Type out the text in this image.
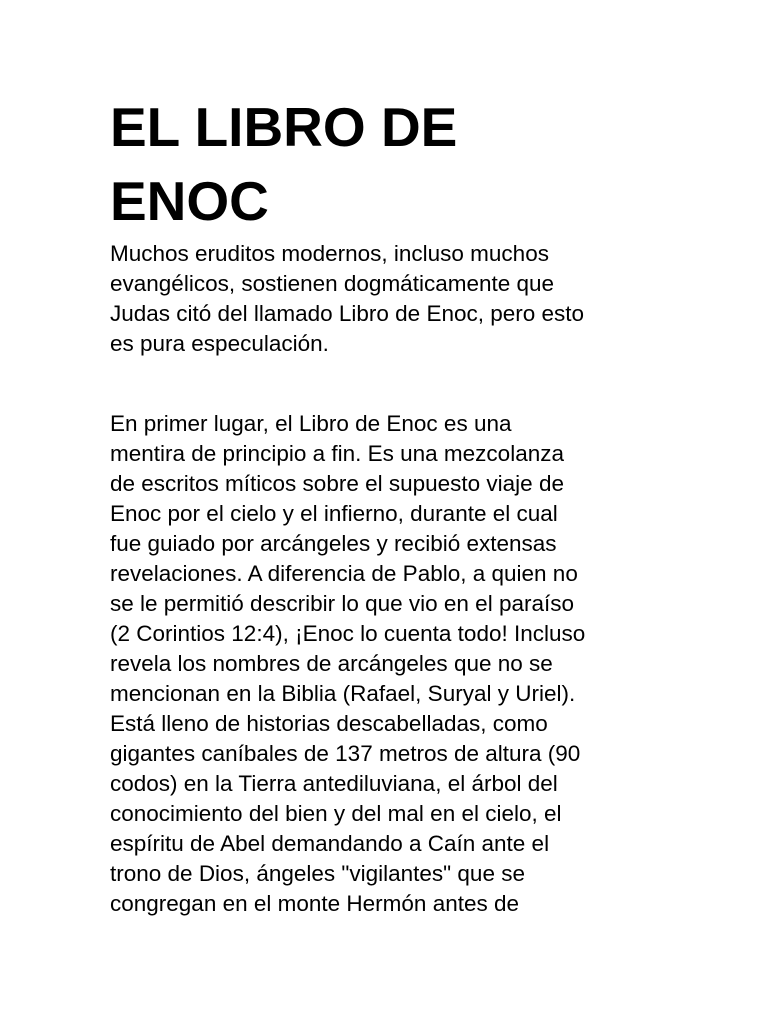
EL LIBRO DE
ENOC

Muchos eruditos modernos, incluso muchos
evangélicos, sostienen dogmáticamente que
Judas citó del llamado Libro de Enoc, pero esto
es pura especulación.

En primer lugar, el Libro de Enoc es una
mentira de principio a fin. Es una mezcolanza
de escritos míticos sobre el supuesto viaje de
Enoc por el cielo y el infierno, durante el cual
fue guiado por arcángeles y recibió extensas
revelaciones. A diferencia de Pablo, a quien no
se le permitió describir lo que vio en el paraíso
(2 Corintios 12:4), ¡Enoc lo cuenta todo! Incluso
revela los nombres de arcángeles que no se
mencionan en la Biblia (Rafael, Suryal y Uriel).
Está lleno de historias descabelladas, como
gigantes caníbales de 137 metros de altura (90
codos) en la Tierra antediluviana, el árbol del
conocimiento del bien y del mal en el cielo, el
espíritu de Abel demandando a Caín ante el
trono de Dios, ángeles "vigilantes" que se
congregan en el monte Hermón antes de
